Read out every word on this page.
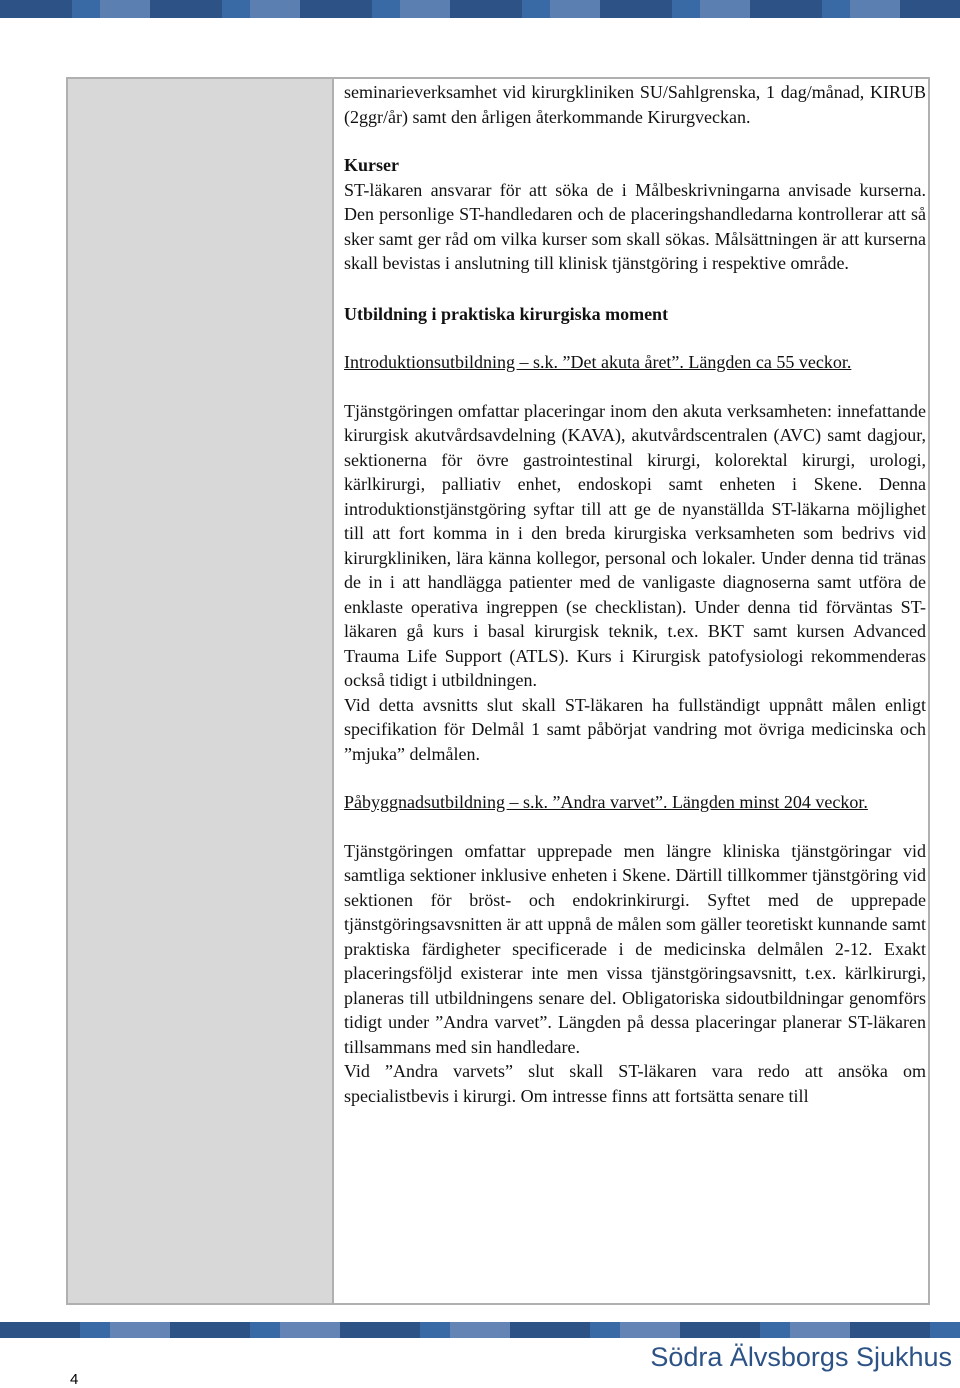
seminarieverksamhet vid kirurgkliniken SU/Sahlgrenska, 1 dag/månad, KIRUB (2ggr/år) samt den årligen återkommande Kirurgveckan.

Kurser

ST-läkaren ansvarar för att söka de i Målbeskrivningarna anvisade kurserna. Den personlige ST-handledaren och de placeringshandledarna kontrollerar att så sker samt ger råd om vilka kurser som skall sökas. Målsättningen är att kurserna skall bevistas i anslutning till klinisk tjänstgöring i respektive område.

Utbildning i praktiska kirurgiska moment

Introduktionsutbildning – s.k. ”Det akuta året”. Längden ca 55 veckor.

Tjänstgöringen omfattar placeringar inom den akuta verksamheten: innefattande kirurgisk akutvårdsavdelning (KAVA), akutvårdscentralen (AVC) samt dagjour, sektionerna för övre gastrointestinal kirurgi, kolorektal kirurgi, urologi, kärlkirurgi, palliativ enhet, endoskopi samt enheten i Skene. Denna introduktionstjänstgöring syftar till att ge de nyanställda ST-läkarna möjlighet till att fort komma in i den breda kirurgiska verksamheten som bedrivs vid kirurgkliniken, lära känna kollegor, personal och lokaler. Under denna tid tränas de in i att handlägga patienter med de vanligaste diagnoserna samt utföra de enklaste operativa ingreppen (se checklistan). Under denna tid förväntas ST-läkaren gå kurs i basal kirurgisk teknik, t.ex. BKT samt kursen Advanced Trauma Life Support (ATLS). Kurs i Kirurgisk patofysiologi rekommenderas också tidigt i utbildningen.

Vid detta avsnitts slut skall ST-läkaren ha fullständigt uppnått målen enligt specifikation för Delmål 1 samt påbörjat vandring mot övriga medicinska och ”mjuka” delmålen.

Påbyggnadsutbildning – s.k. ”Andra varvet”. Längden minst 204 veckor.

Tjänstgöringen omfattar upprepade men längre kliniska tjänstgöringar vid samtliga sektioner inklusive enheten i Skene. Därtill tillkommer tjänstgöring vid sektionen för bröst- och endokrinkirurgi. Syftet med de upprepade tjänstgöringsavsnitten är att uppnå de målen som gäller teoretiskt kunnande samt praktiska färdigheter specificerade i de medicinska delmålen 2-12. Exakt placeringsföljd existerar inte men vissa tjänstgöringsavsnitt, t.ex. kärlkirurgi, planeras till utbildningens senare del. Obligatoriska sidoutbildningar genomförs tidigt under ”Andra varvet”. Längden på dessa placeringar planerar ST-läkaren tillsammans med sin handledare.

Vid ”Andra varvets” slut skall ST-läkaren vara redo att ansöka om specialistbevis i kirurgi. Om intresse finns att fortsätta senare till

4
Södra Älvsborgs Sjukhus
